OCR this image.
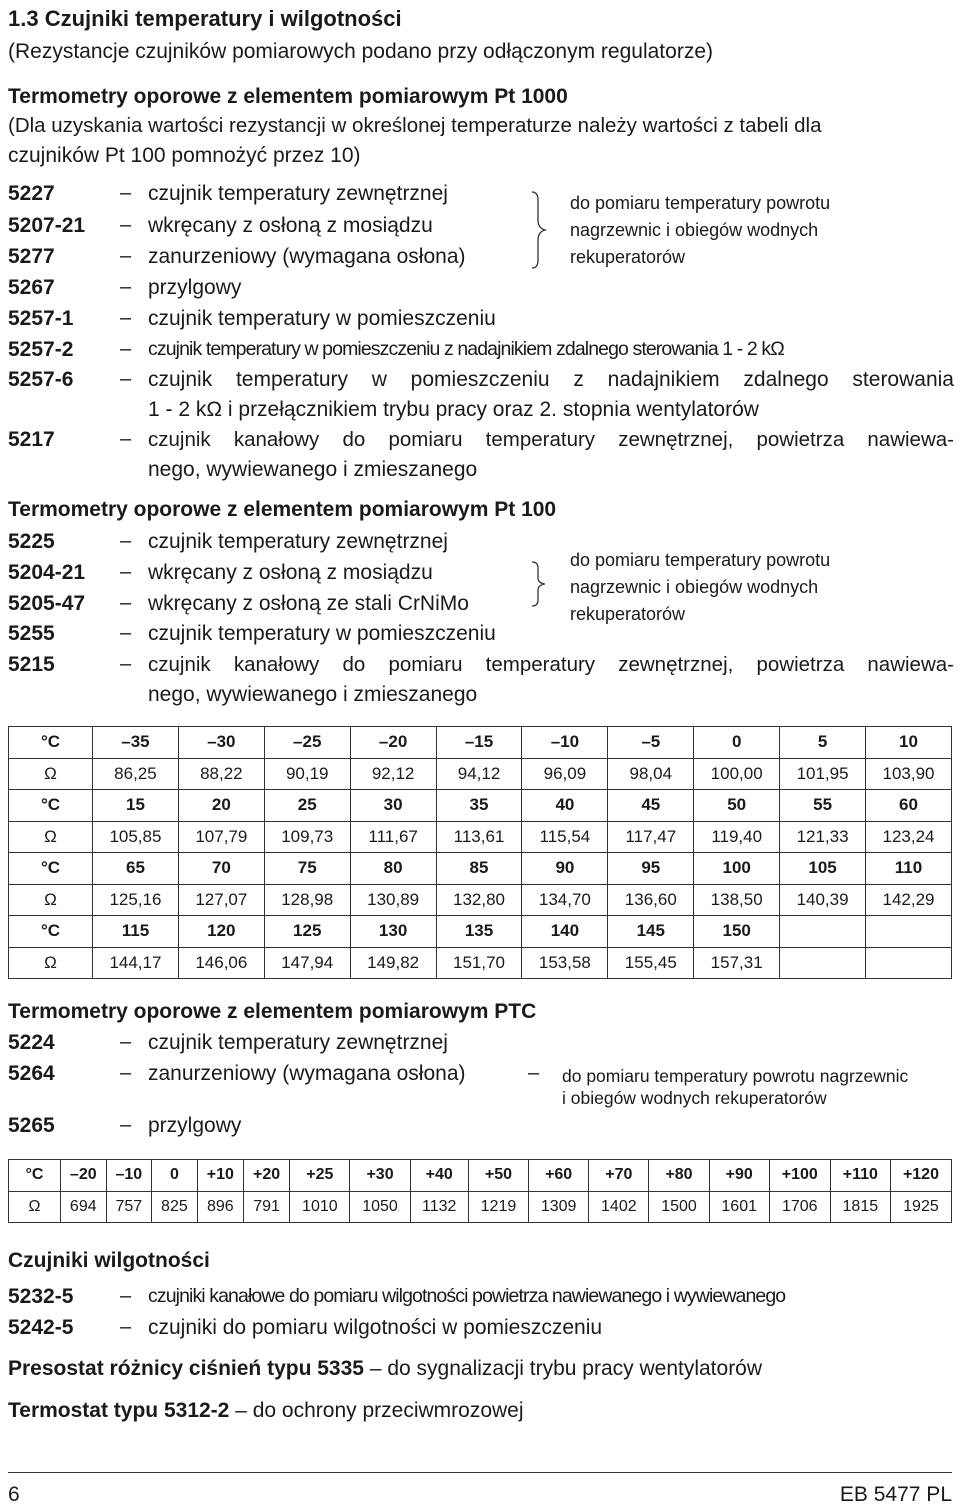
1.3 Czujniki temperatury i wilgotności
(Rezystancje czujników pomiarowych podano przy odłączonym regulatorze)
Termometry oporowe z elementem pomiarowym Pt 1000
(Dla uzyskania wartości rezystancji w określonej temperaturze należy wartości z tabeli dla
czujników Pt 100 pomnożyć przez 10)
5227	– czujnik temperatury zewnętrznej
5207-21 – wkręcany z osłoną z mosiądzu
5277	– zanurzeniowy (wymagana osłona)
5267	– przylgowy
5257-1 – czujnik temperatury w pomieszczeniu
5257-2 – czujnik temperatury w pomieszczeniu z nadajnikiem zdalnego sterowania 1 - 2 kΩ
5257-6 – czujnik temperatury w pomieszczeniu z nadajnikiem zdalnego sterowania
1 - 2 kΩ i przełącznikiem trybu pracy oraz 2. stopnia wentylatorów
5217	– czujnik kanałowy do pomiaru temperatury zewnętrznej, powietrza nawiewa-
nego, wywiewanego i zmieszanego
do pomiaru temperatury powrotu
nagrzewnic i obiegów wodnych
rekuperatorów
Termometry oporowe z elementem pomiarowym Pt 100
5225	– czujnik temperatury zewnętrznej
5204-21 – wkręcany z osłoną z mosiądzu
5205-47 – wkręcany z osłoną ze stali CrNiMo
5255	– czujnik temperatury w pomieszczeniu
5215	– czujnik kanałowy do pomiaru temperatury zewnętrznej, powietrza nawiewa-
nego, wywiewanego i zmieszanego
do pomiaru temperatury powrotu
nagrzewnic i obiegów wodnych
rekuperatorów
°C	–35	–30	–25	–20	–15	–10	–5	0	5	10
Ω	86,25	88,22	90,19	92,12	94,12	96,09	98,04	100,00	101,95	103,90
°C	15	20	25	30	35	40	45	50	55	60
Ω	105,85	107,79	109,73	111,67	113,61	115,54	117,47	119,40	121,33	123,24
°C	65	70	75	80	85	90	95	100	105	110
Ω	125,16	127,07	128,98	130,89	132,80	134,70	136,60	138,50	140,39	142,29
°C	115	120	125	130	135	140	145	150		
Ω	144,17	146,06	147,94	149,82	151,70	153,58	155,45	157,31		
Termometry oporowe z elementem pomiarowym PTC
5224	– czujnik temperatury zewnętrznej
5264	– zanurzeniowy (wymagana osłona)	–
5265	– przylgowy
do pomiaru temperatury powrotu nagrzewnic
i obiegów wodnych rekuperatorów
°C	–20	–10	0	+10	+20	+25	+30	+40	+50	+60	+70	+80	+90	+100	+110	+120
Ω	694	757	825	896	791	1010	1050	1132	1219	1309	1402	1500	1601	1706	1815	1925
Czujniki wilgotności
5232-5 – czujniki kanałowe do pomiaru wilgotności powietrza nawiewanego i wywiewanego
5242-5 – czujniki do pomiaru wilgotności w pomieszczeniu
Presostat różnicy ciśnień typu 5335 – do sygnalizacji trybu pracy wentylatorów
Termostat typu 5312-2 – do ochrony przeciwmrozowej
6	EB 5477 PL
